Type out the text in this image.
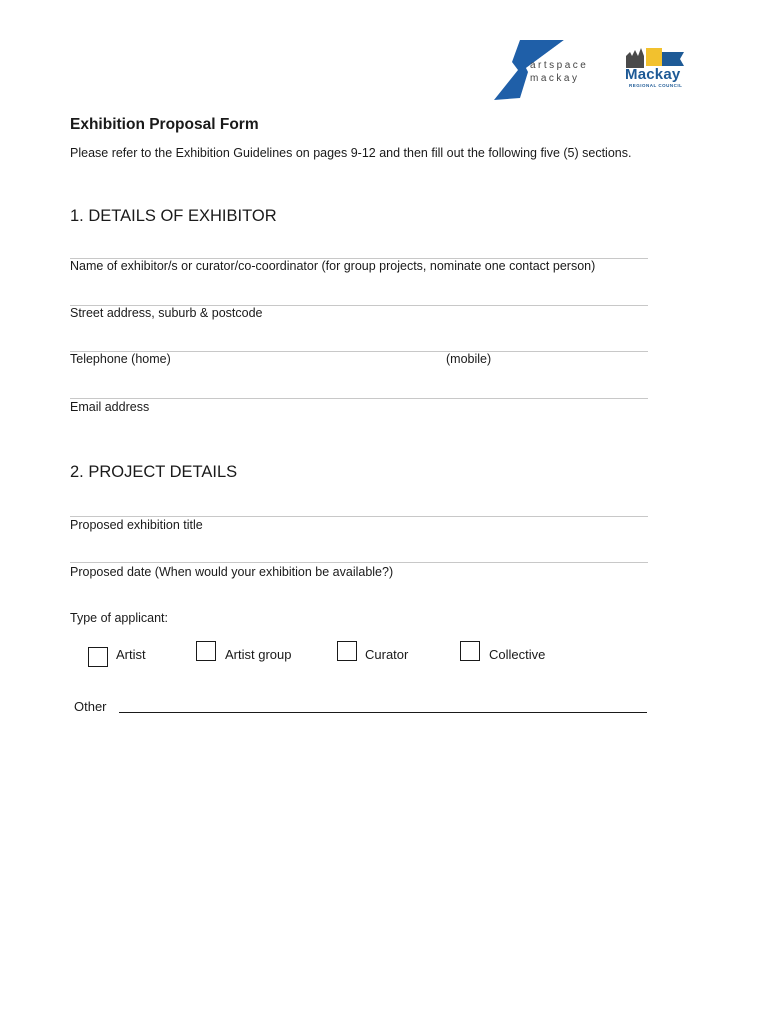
artspace
mackay	Mackay
REGIONAL COUNCIL
Exhibition Proposal Form
Please refer to the Exhibition Guidelines on pages 9-12 and then fill out the following five (5) sections.
1. DETAILS OF EXHIBITOR
Name of exhibitor/s or curator/co-coordinator (for group projects, nominate one contact person)
Street address, suburb & postcode
Telephone (home)	(mobile)
Email address
2. PROJECT DETAILS
Proposed exhibition title
Proposed date (When would your exhibition be available?)
Type of applicant:
Artist	Artist group	Curator	Collective
Other
